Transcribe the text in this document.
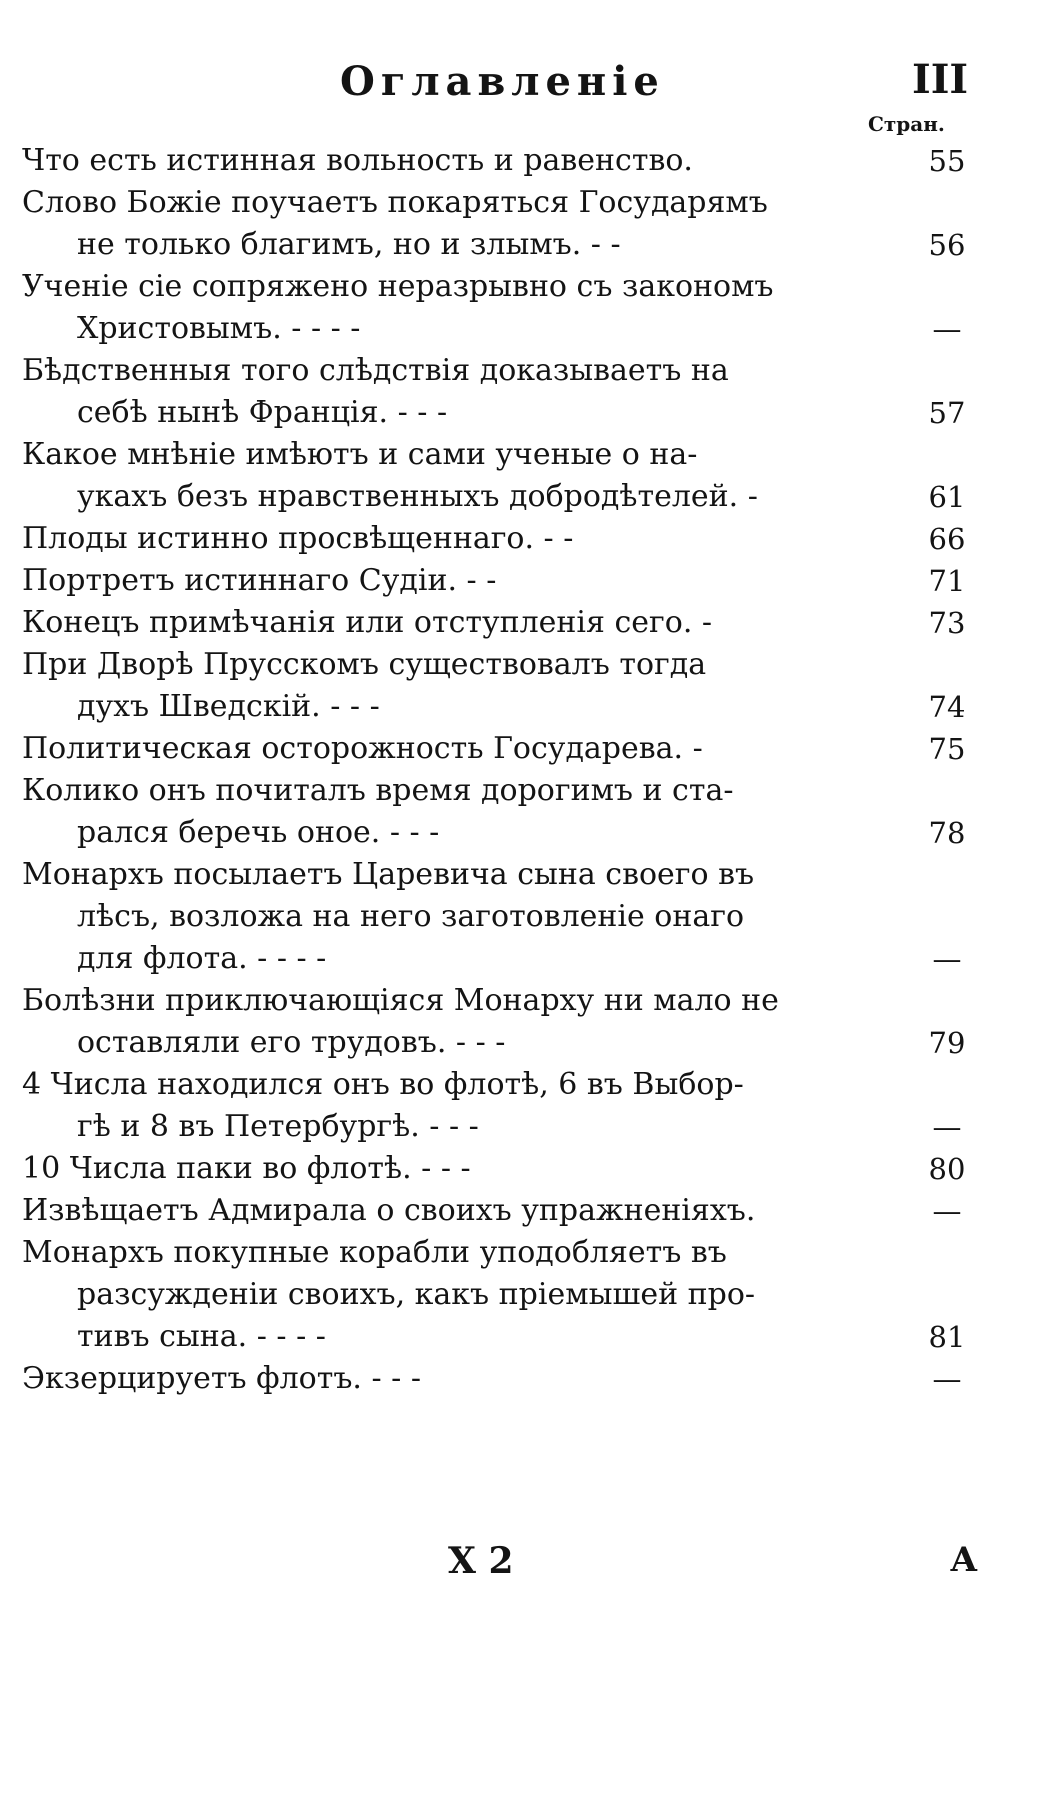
Оглавленiе	III
Стран.
Что есть истинная вольность и равенство.	55
Слово Божiе поучаетъ покаряться Государямъ
не только благимъ, но и злымъ. - -	56
Ученiе сiе сопряжено неразрывно съ закономъ
Христовымъ. - - - -	—
Бѣдственныя того слѣдствiя доказываетъ на
себѣ нынѣ Францiя. - - -	57
Какое мнѣнiе имѣютъ и сами ученые о на-
укахъ безъ нравственныхъ добродѣтелей. -	61
Плоды истинно просвѣщеннаго. - -	66
Портретъ истиннаго Судiи. - -	71
Конецъ примѣчанiя или отступленiя сего. -	73
При Дворѣ Прусскомъ существовалъ тогда
духъ Шведскiй. - - -	74
Политическая осторожность Государева. -	75
Колико онъ почиталъ время дорогимъ и ста-
рался беречь оное. - - -	78
Монархъ посылаетъ Царевича сына своего въ
лѣсъ, возложа на него заготовленiе онаго
для флота. - - - -	—
Болѣзни приключающiяся Монарху ни мало не
оставляли его трудовъ. - - -	79
4 Числа находился онъ во флотѣ, 6 въ Выбор-
гѣ и 8 въ Петербургѣ. - - -	—
10 Числа паки во флотѣ. - - -	80
Извѣщаетъ Адмирала о своихъ упражненiяхъ.	—
Монархъ покупные корабли уподобляетъ въ
разсужденiи своихъ, какъ прiемышей про-
тивъ сына. - - - -	81
Экзерцируетъ флотъ. - - -	—
Х 2	А
